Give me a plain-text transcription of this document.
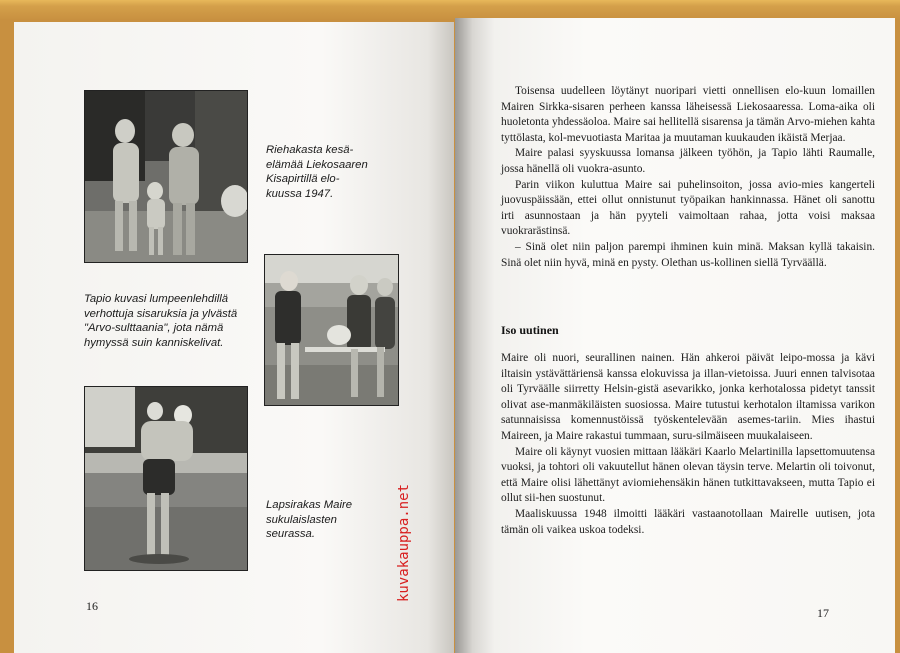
Riehakasta kesä-
elämää Liekosaaren
Kisapirtillä elo-
kuussa 1947.
Tapio kuvasi lumpeenlehdillä
verhottuja sisaruksia ja ylvästä
"Arvo-sulttaania", jota nämä
hymyssä suin kanniskelivat.
Lapsirakas Maire
sukulaislasten
seurassa.
16
kuvakauppa.net

Toisensa uudelleen löytänyt nuoripari vietti onnellisen elo-kuun lomaillen Mairen Sirkka-sisaren perheen kanssa läheisessä Liekosaaressa. Loma-aika oli huoletonta yhdessäoloa. Maire sai hellitellä sisarensa ja tämän Arvo-miehen kahta tyttölasta, kol-mevuotiasta Maritaa ja muutaman kuukauden ikäistä Merjaa.

Maire palasi syyskuussa lomansa jälkeen työhön, ja Tapio lähti Raumalle, jossa hänellä oli vuokra-asunto.

Parin viikon kuluttua Maire sai puhelinsoiton, jossa avio-mies kangerteli juovuspäissään, ettei ollut onnistunut työpaikan hankinnassa. Hänet oli sanottu irti asunnostaan ja hän pyyteli vaimoltaan rahaa, jotta voisi maksaa vuokrarästinsä.

– Sinä olet niin paljon parempi ihminen kuin minä. Maksan kyllä takaisin. Sinä olet niin hyvä, minä en pysty. Olethan us-kollinen siellä Tyrväällä.

Iso uutinen

Maire oli nuori, seurallinen nainen. Hän ahkeroi päivät leipo-mossa ja kävi iltaisin ystävättäriensä kanssa elokuvissa ja illan-vietoissa. Juuri ennen talvisotaa oli Tyrväälle siirretty Helsin-gistä asevarikko, jonka kerhotalossa pidetyt tanssit olivat ase-manmäkiläisten suosiossa. Maire tutustui kerhotalon iltamissa varikon satunnaisissa komennustöissä työskentelevään asemes-tariin. Mies ihastui Maireen, ja Maire rakastui tummaan, suru-silmäiseen muukalaiseen.

Maire oli käynyt vuosien mittaan lääkäri Kaarlo Melartinilla lapsettomuutensa vuoksi, ja tohtori oli vakuutellut hänen olevan täysin terve. Melartin oli toivonut, että Maire olisi lähettänyt aviomiehensäkin hänen tutkittavakseen, mutta Tapio ei ollut sii-hen suostunut.

Maaliskuussa 1948 ilmoitti lääkäri vastaanotollaan Mairelle uutisen, jota tämän oli vaikea uskoa todeksi.

17
